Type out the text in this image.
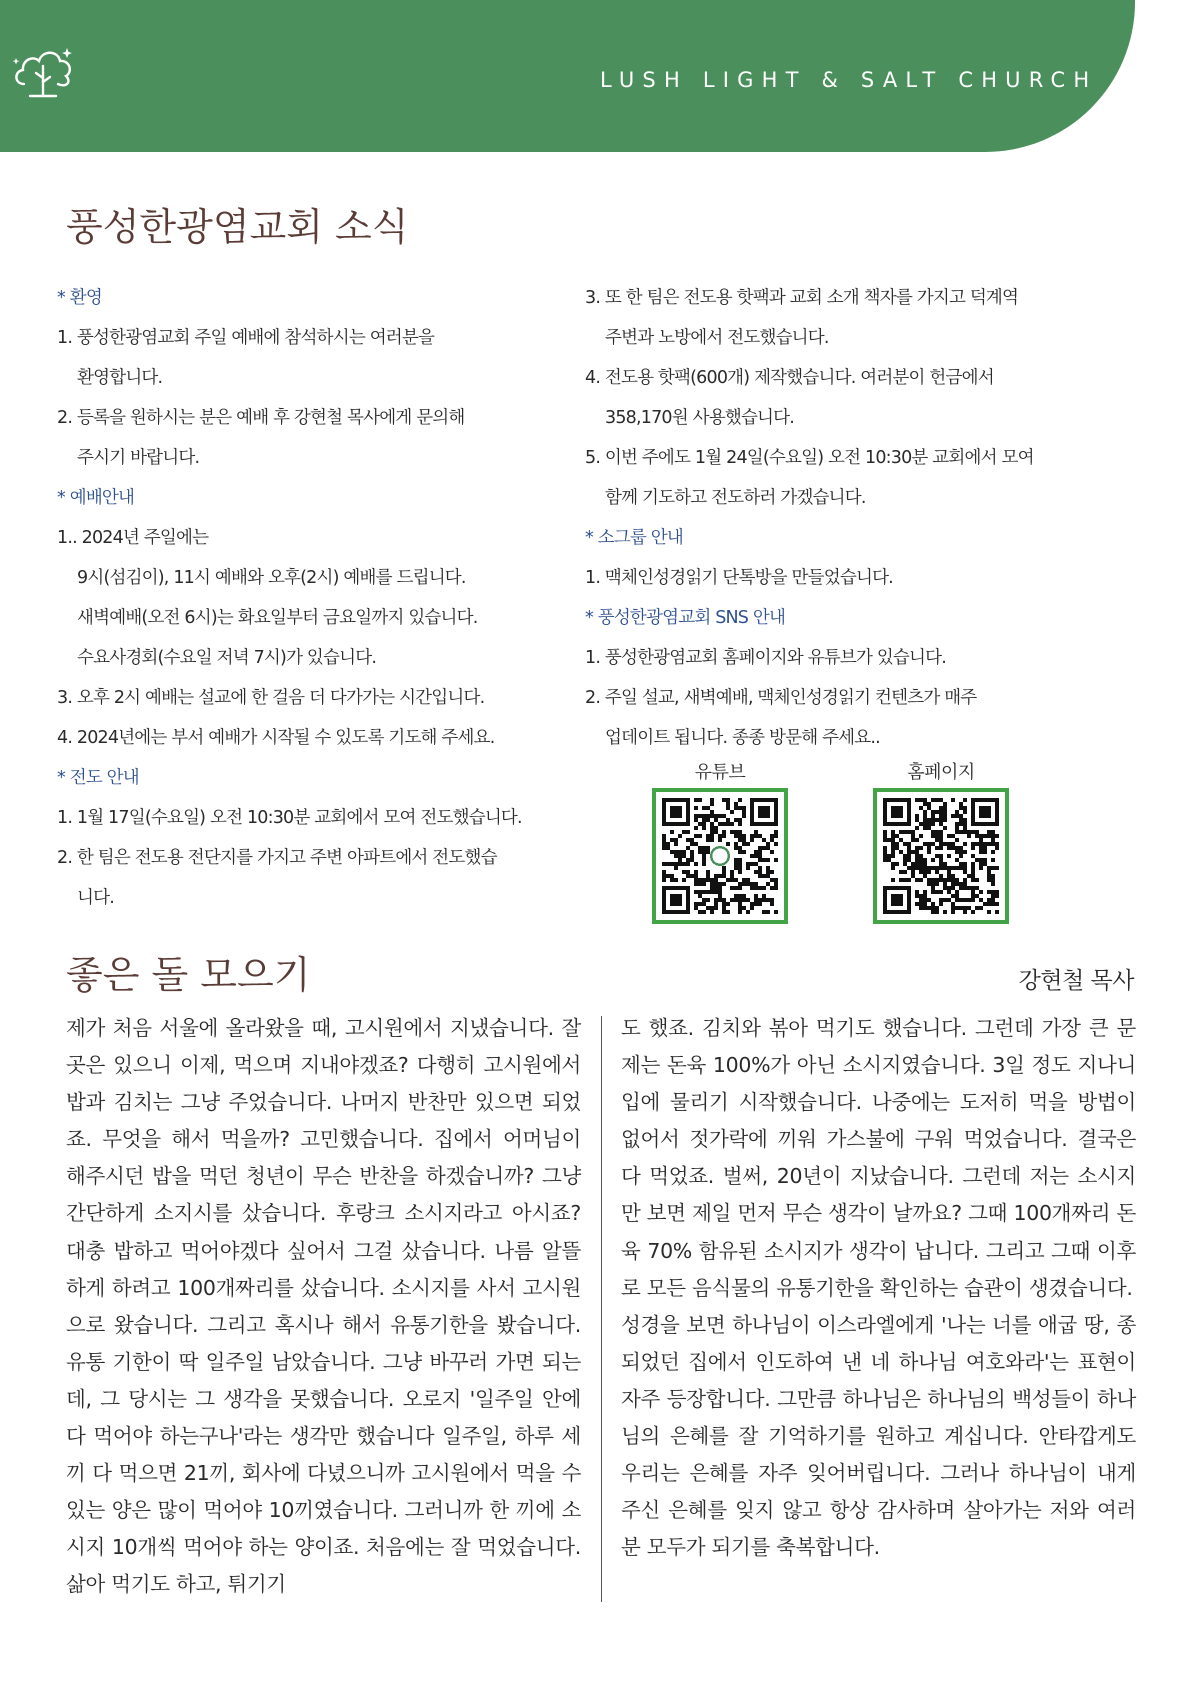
LUSH LIGHT & SALT CHURCH
풍성한광염교회 소식
* 환영
1. 풍성한광염교회 주일 예배에 참석하시는 여러분을
환영합니다.
2. 등록을 원하시는 분은 예배 후 강현철 목사에게 문의해
주시기 바랍니다.
* 예배안내
1.. 2024년 주일에는
9시(섬김이), 11시 예배와 오후(2시) 예배를 드립니다.
새벽예배(오전 6시)는 화요일부터 금요일까지 있습니다.
수요사경회(수요일 저녁 7시)가 있습니다.
3. 오후 2시 예배는 설교에 한 걸음 더 다가가는 시간입니다.
4. 2024년에는 부서 예배가 시작될 수 있도록 기도해 주세요.
* 전도 안내
1. 1월 17일(수요일) 오전 10:30분 교회에서 모여 전도했습니다.
2. 한 팀은 전도용 전단지를 가지고 주변 아파트에서 전도했습
니다.
3. 또 한 팀은 전도용 핫팩과 교회 소개 책자를 가지고 덕계역
주변과 노방에서 전도했습니다.
4. 전도용 핫팩(600개) 제작했습니다. 여러분이 헌금에서
358,170원 사용했습니다.
5. 이번 주에도 1월 24일(수요일) 오전 10:30분 교회에서 모여
함께 기도하고 전도하러 가겠습니다.
* 소그룹 안내
1. 맥체인성경읽기 단톡방을 만들었습니다.
* 풍성한광염교회 SNS 안내
1. 풍성한광염교회 홈페이지와 유튜브가 있습니다.
2. 주일 설교, 새벽예배, 맥체인성경읽기 컨텐츠가 매주
업데이트 됩니다. 종종 방문해 주세요..
유튜브	홈페이지
좋은 돌 모으기	강현철 목사

제가 처음 서울에 올라왔을 때, 고시원에서 지냈습니다. 잘 곳은 있으니 이제, 먹으며 지내야겠죠? 다행히 고시원에서 밥과 김치는 그냥 주었습니다. 나머지 반찬만 있으면 되었죠. 무엇을 해서 먹을까? 고민했습니다. 집에서 어머님이 해주시던 밥을 먹던 청년이 무슨 반찬을 하겠습니까? 그냥 간단하게 소지시를 샀습니다. 후랑크 소시지라고 아시죠? 대충 밥하고 먹어야겠다 싶어서 그걸 샀습니다. 나름 알뜰하게 하려고 100개짜리를 샀습니다. 소시지를 사서 고시원으로 왔습니다. 그리고 혹시나 해서 유통기한을 봤습니다. 유통 기한이 딱 일주일 남았습니다. 그냥 바꾸러 가면 되는데, 그 당시는 그 생각을 못했습니다. 오로지 '일주일 안에 다 먹어야 하는구나'라는 생각만 했습니다 일주일, 하루 세끼 다 먹으면 21끼, 회사에 다녔으니까 고시원에서 먹을 수 있는 양은 많이 먹어야 10끼였습니다. 그러니까 한 끼에 소시지 10개씩 먹어야 하는 양이죠. 처음에는 잘 먹었습니다. 삶아 먹기도 하고, 튀기기

도 했죠. 김치와 볶아 먹기도 했습니다. 그런데 가장 큰 문제는 돈육 100%가 아닌 소시지였습니다. 3일 정도 지나니 입에 물리기 시작했습니다. 나중에는 도저히 먹을 방법이 없어서 젓가락에 끼워 가스불에 구워 먹었습니다. 결국은 다 먹었죠. 벌써, 20년이 지났습니다. 그런데 저는 소시지만 보면 제일 먼저 무슨 생각이 날까요? 그때 100개짜리 돈육 70% 함유된 소시지가 생각이 납니다. 그리고 그때 이후로 모든 음식물의 유통기한을 확인하는 습관이 생겼습니다.

성경을 보면 하나님이 이스라엘에게 '나는 너를 애굽 땅, 종 되었던 집에서 인도하여 낸 네 하나님 여호와라'는 표현이 자주 등장합니다. 그만큼 하나님은 하나님의 백성들이 하나님의 은혜를 잘 기억하기를 원하고 계십니다. 안타깝게도 우리는 은혜를 자주 잊어버립니다. 그러나 하나님이 내게 주신 은혜를 잊지 않고 항상 감사하며 살아가는 저와 여러분 모두가 되기를 축복합니다.
